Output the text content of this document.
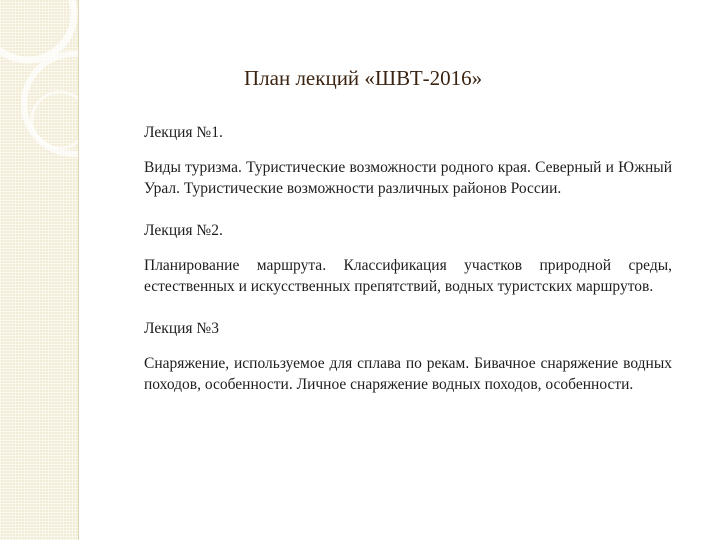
План лекций «ШВТ-2016»

Лекция №1.

Виды туризма. Туристические возможности родного края. Северный и Южный Урал. Туристические возможности различных районов России.

Лекция №2.

Планирование маршрута. Классификация участков природной среды, естественных и искусственных препятствий, водных туристских маршрутов.

Лекция №3

Снаряжение, используемое для сплава по рекам. Бивачное снаряжение водных походов, особенности. Личное снаряжение водных походов, особенности.
